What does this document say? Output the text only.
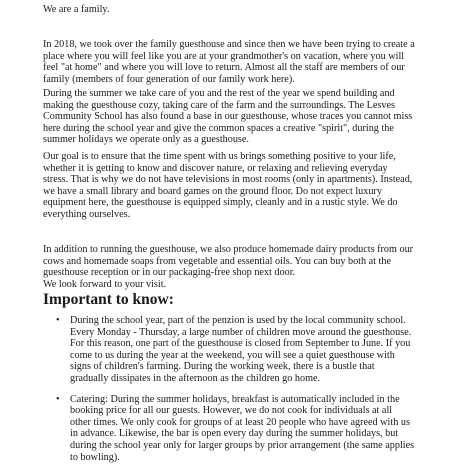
We are a family.

In 2018, we took over the family guesthouse and since then we have been trying to create a place where you will feel like you are at your grandmother's on vacation, where you will feel "at home" and where you will love to return. Almost all the staff are members of our family (members of four generation of our family work here).

During the summer we take care of you and the rest of the year we spend building and making the guesthouse cozy, taking care of the farm and the surroundings. The Lesves Community School has also found a base in our guesthouse, whose traces you cannot miss here during the school year and give the common spaces a creative "spirit", during the summer holidays we operate only as a guesthouse.

Our goal is to ensure that the time spent with us brings something positive to your life, whether it is getting to know and discover nature, or relaxing and relieving everyday stress. That is why we do not have televisions in most rooms (only in apartments). Instead, we have a small library and board games on the ground floor. Do not expect luxury equipment here, the guesthouse is equipped simply, cleanly and in a rustic style. We do everything ourselves.

In addition to running the guesthouse, we also produce homemade dairy products from our cows and homemade soaps from vegetable and essential oils. You can buy both at the guesthouse reception or in our packaging-free shop next door.
We look forward to your visit.

Important to know:
• During the school year, part of the penzion is used by the local community school. Every Monday - Thursday, a large number of children move around the guesthouse. For this reason, one part of the guesthouse is closed from September to June. If you come to us during the year at the weekend, you will see a quiet guesthouse with signs of children's farming. During the working week, there is a bustle that gradually dissipates in the afternoon as the children go home.
• Catering: During the summer holidays, breakfast is automatically included in the booking price for all our guests. However, we do not cook for individuals at all other times. We only cook for groups of at least 20 people who have agreed with us in advance. Likewise, the bar is open every day during the summer holidays, but during the school year only for larger groups by prior arrangement (the same applies to bowling).
